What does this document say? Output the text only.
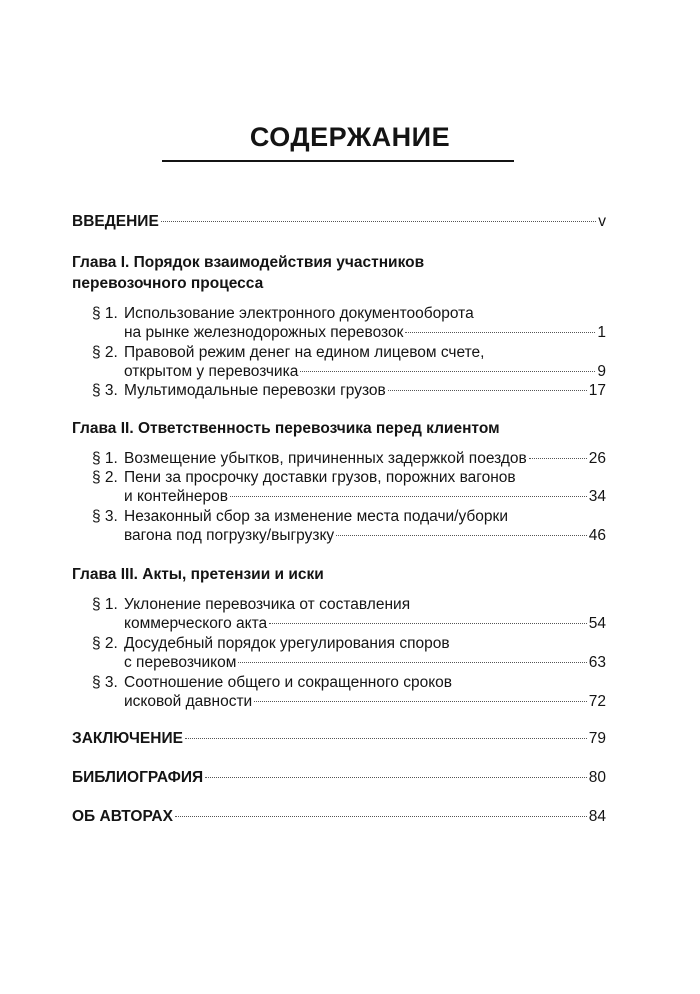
СОДЕРЖАНИЕ
ВВЕДЕНИЕ	v
Глава I. Порядок взаимодействия участников
перевозочного процесса
§ 1. Использование электронного документооборота
на рынке железнодорожных перевозок	1
§ 2. Правовой режим денег на едином лицевом счете,
открытом у перевозчика	9
§ 3. Мультимодальные перевозки грузов	17
Глава II. Ответственность перевозчика перед клиентом
§ 1. Возмещение убытков, причиненных задержкой поездов	26
§ 2. Пени за просрочку доставки грузов, порожних вагонов
и контейнеров	34
§ 3. Незаконный сбор за изменение места подачи/уборки
вагона под погрузку/выгрузку	46
Глава III. Акты, претензии и иски
§ 1. Уклонение перевозчика от составления
коммерческого акта	54
§ 2. Досудебный порядок урегулирования споров
с перевозчиком	63
§ 3. Соотношение общего и сокращенного сроков
исковой давности	72
ЗАКЛЮЧЕНИЕ	79
БИБЛИОГРАФИЯ	80
ОБ АВТОРАХ	84
